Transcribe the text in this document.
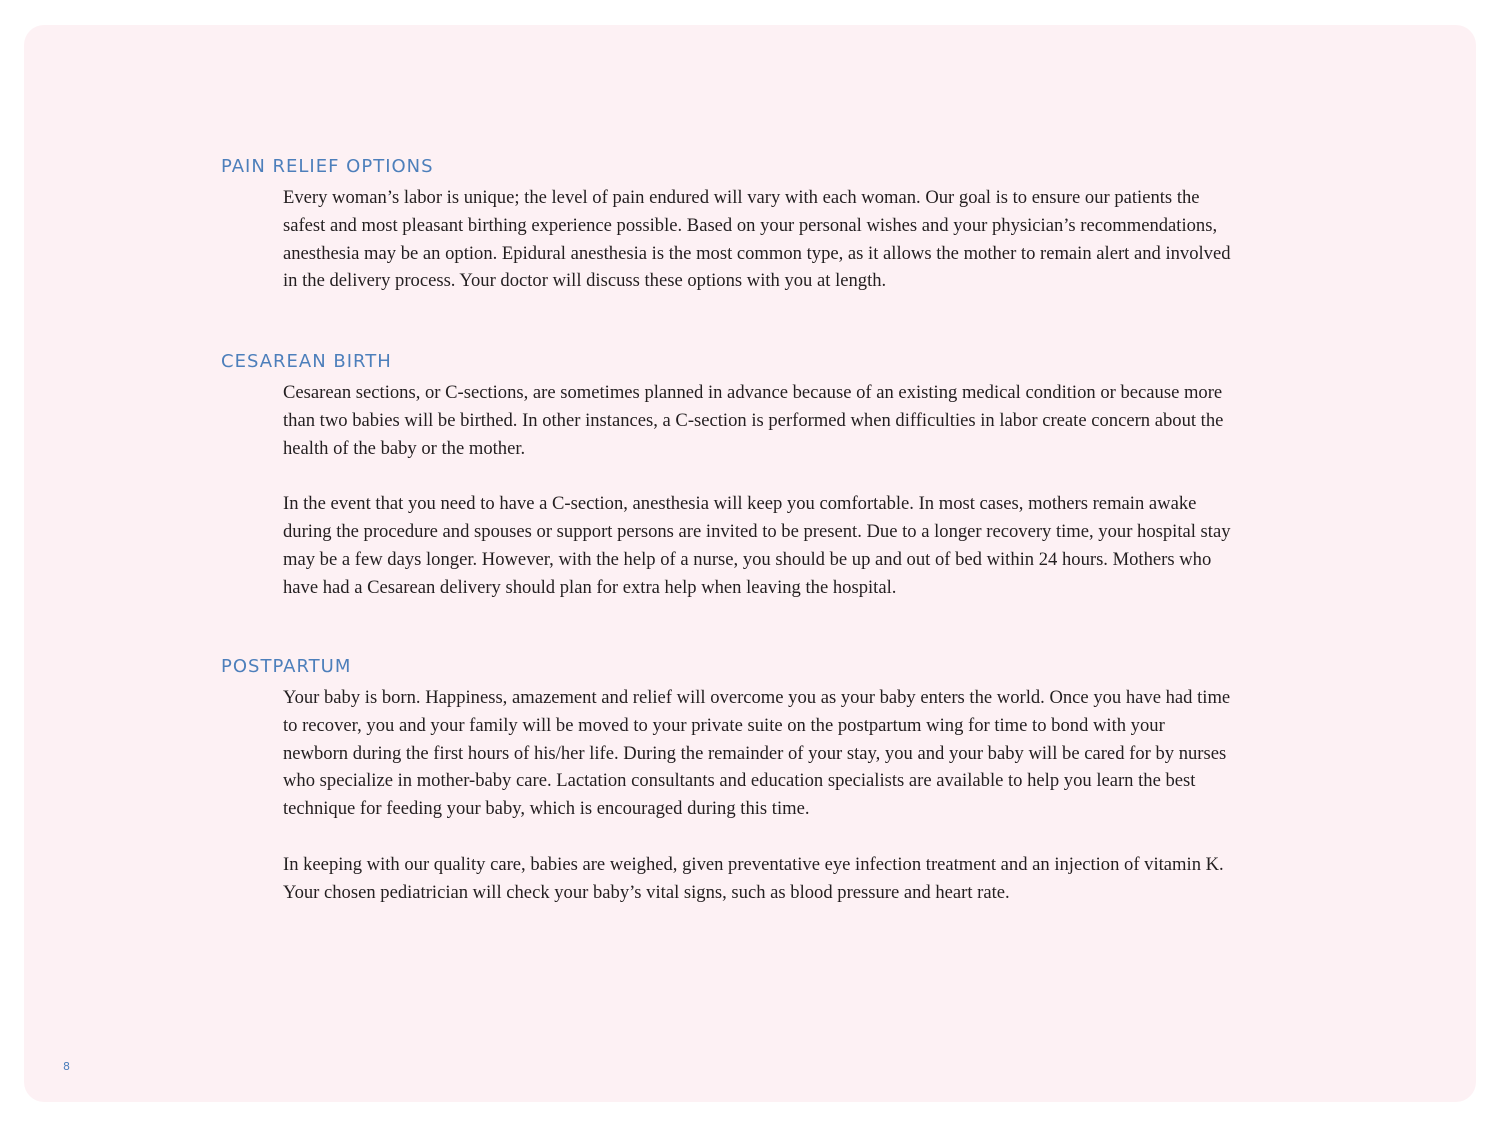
PAIN RELIEF OPTIONS

Every woman’s labor is unique; the level of pain endured will vary with each woman. Our goal is to ensure our patients the safest and most pleasant birthing experience possible. Based on your personal wishes and your physician’s recommendations, anesthesia may be an option. Epidural anesthesia is the most common type, as it allows the mother to remain alert and involved in the delivery process. Your doctor will discuss these options with you at length.

CESAREAN BIRTH

Cesarean sections, or C-sections, are sometimes planned in advance because of an existing medical condition or because more than two babies will be birthed. In other instances, a C-section is performed when difficulties in labor create concern about the health of the baby or the mother.

In the event that you need to have a C-section, anesthesia will keep you comfortable. In most cases, mothers remain awake during the procedure and spouses or support persons are invited to be present. Due to a longer recovery time, your hospital stay may be a few days longer. However, with the help of a nurse, you should be up and out of bed within 24 hours. Mothers who have had a Cesarean delivery should plan for extra help when leaving the hospital.

POSTPARTUM

Your baby is born. Happiness, amazement and relief will overcome you as your baby enters the world. Once you have had time to recover, you and your family will be moved to your private suite on the postpartum wing for time to bond with your newborn during the first hours of his/her life. During the remainder of your stay, you and your baby will be cared for by nurses who specialize in mother-baby care. Lactation consultants and education specialists are available to help you learn the best technique for feeding your baby, which is encouraged during this time.

In keeping with our quality care, babies are weighed, given preventative eye infection treatment and an injection of vitamin K. Your chosen pediatrician will check your baby’s vital signs, such as blood pressure and heart rate.

8
